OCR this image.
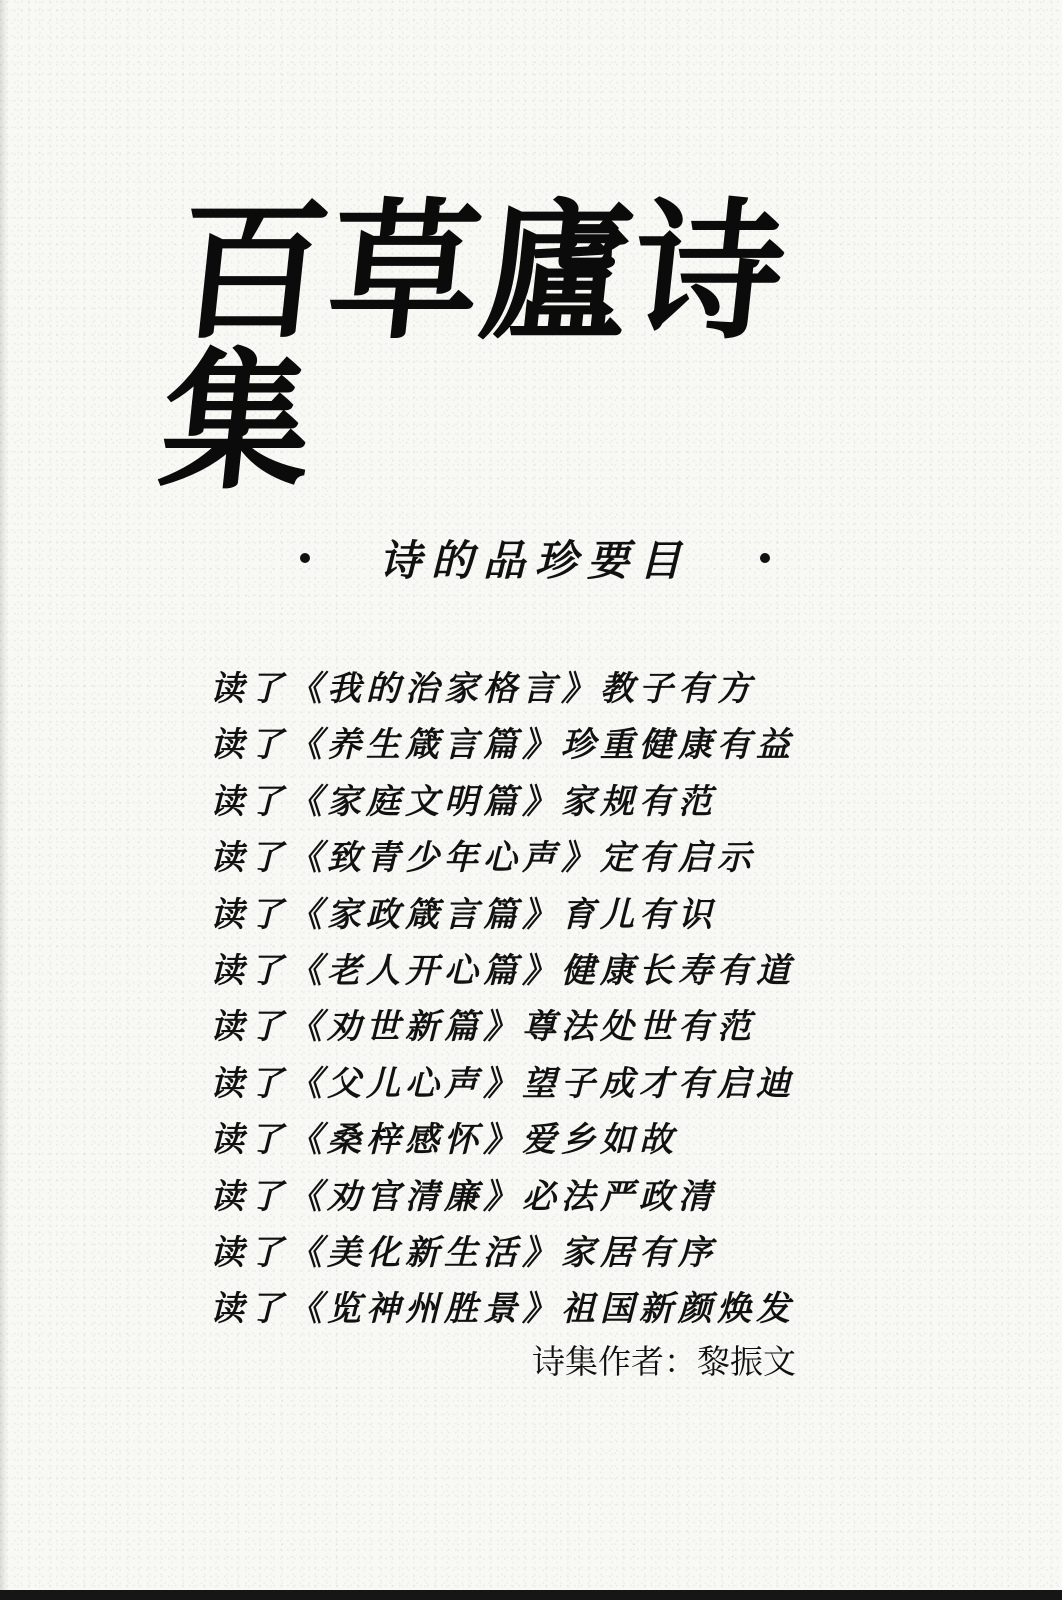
百草廬诗集
诗的品珍要目
读了《我的治家格言》教子有方
读了《养生箴言篇》珍重健康有益
读了《家庭文明篇》家规有范
读了《致青少年心声》定有启示
读了《家政箴言篇》育儿有识
读了《老人开心篇》健康长寿有道
读了《劝世新篇》尊法处世有范
读了《父儿心声》望子成才有启迪
读了《桑梓感怀》爱乡如故
读了《劝官清廉》必法严政清
读了《美化新生活》家居有序
读了《览神州胜景》祖国新颜焕发
诗集作者：黎振文
